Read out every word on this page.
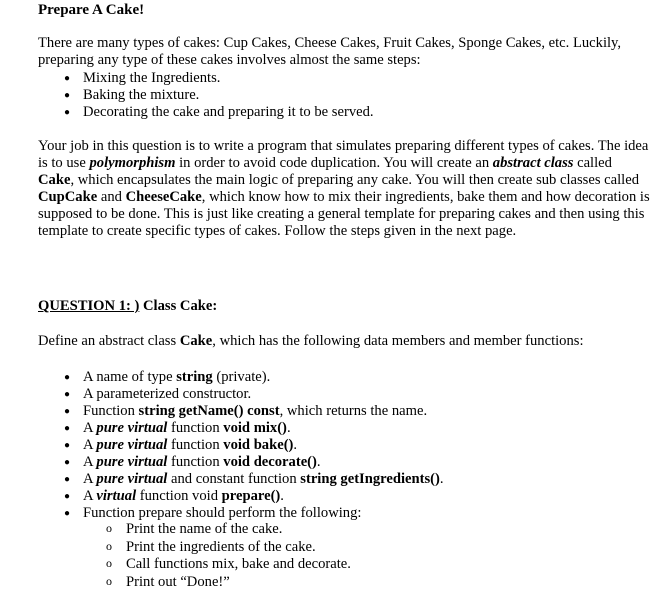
Prepare A Cake!

There are many types of cakes: Cup Cakes, Cheese Cakes, Fruit Cakes, Sponge Cakes, etc. Luckily, preparing any type of these cakes involves almost the same steps:

● Mixing the Ingredients.
● Baking the mixture.
● Decorating the cake and preparing it to be served.

Your job in this question is to write a program that simulates preparing different types of cakes. The idea is to use polymorphism in order to avoid code duplication. You will create an abstract class called Cake, which encapsulates the main logic of preparing any cake. You will then create sub classes called CupCake and CheeseCake, which know how to mix their ingredients, bake them and how decoration is supposed to be done. This is just like creating a general template for preparing cakes and then using this template to create specific types of cakes. Follow the steps given in the next page.

QUESTION 1: ) Class Cake:

Define an abstract class Cake, which has the following data members and member functions:

● A name of type string (private).
● A parameterized constructor.
● Function string getName() const, which returns the name.
● A pure virtual function void mix().
● A pure virtual function void bake().
● A pure virtual function void decorate().
● A pure virtual and constant function string getIngredients().
● A virtual function void prepare().
● Function prepare should perform the following:
o Print the name of the cake.
o Print the ingredients of the cake.
o Call functions mix, bake and decorate.
o Print out “Done!”
